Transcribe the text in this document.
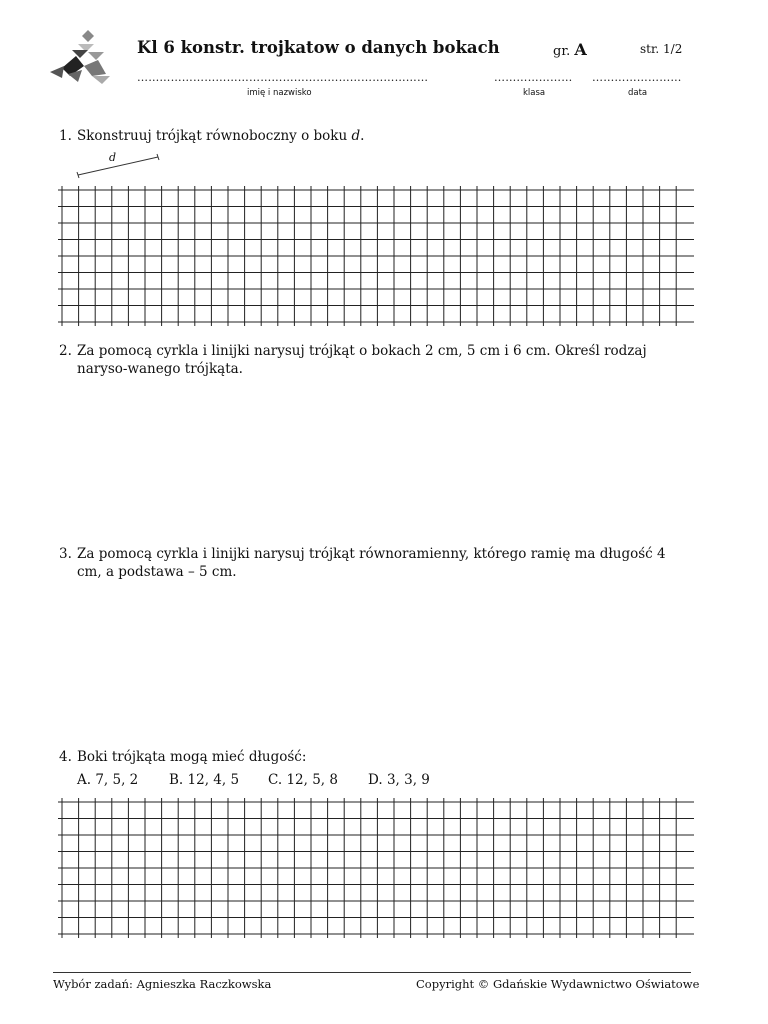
Kl 6 konstr. trojkatow o danych bokach	gr. A	str. 1/2
……………………………………………………………………	………………… ……………………
imię i nazwisko	klasa	data
1. Skonstruuj trójkąt równoboczny o boku d.
d
2. Za pomocą cyrkla i linijki narysuj trójkąt o bokach 2 cm, 5 cm i 6 cm. Określ rodzaj naryso-wanego trójkąta.
3. Za pomocą cyrkla i linijki narysuj trójkąt równoramienny, którego ramię ma długość 4 cm, a podstawa – 5 cm.
4. Boki trójkąta mogą mieć długość:
A. 7, 5, 2 B. 12, 4, 5 C. 12, 5, 8 D. 3, 3, 9
Wybór zadań: Agnieszka Raczkowska	Copyright © Gdańskie Wydawnictwo Oświatowe
